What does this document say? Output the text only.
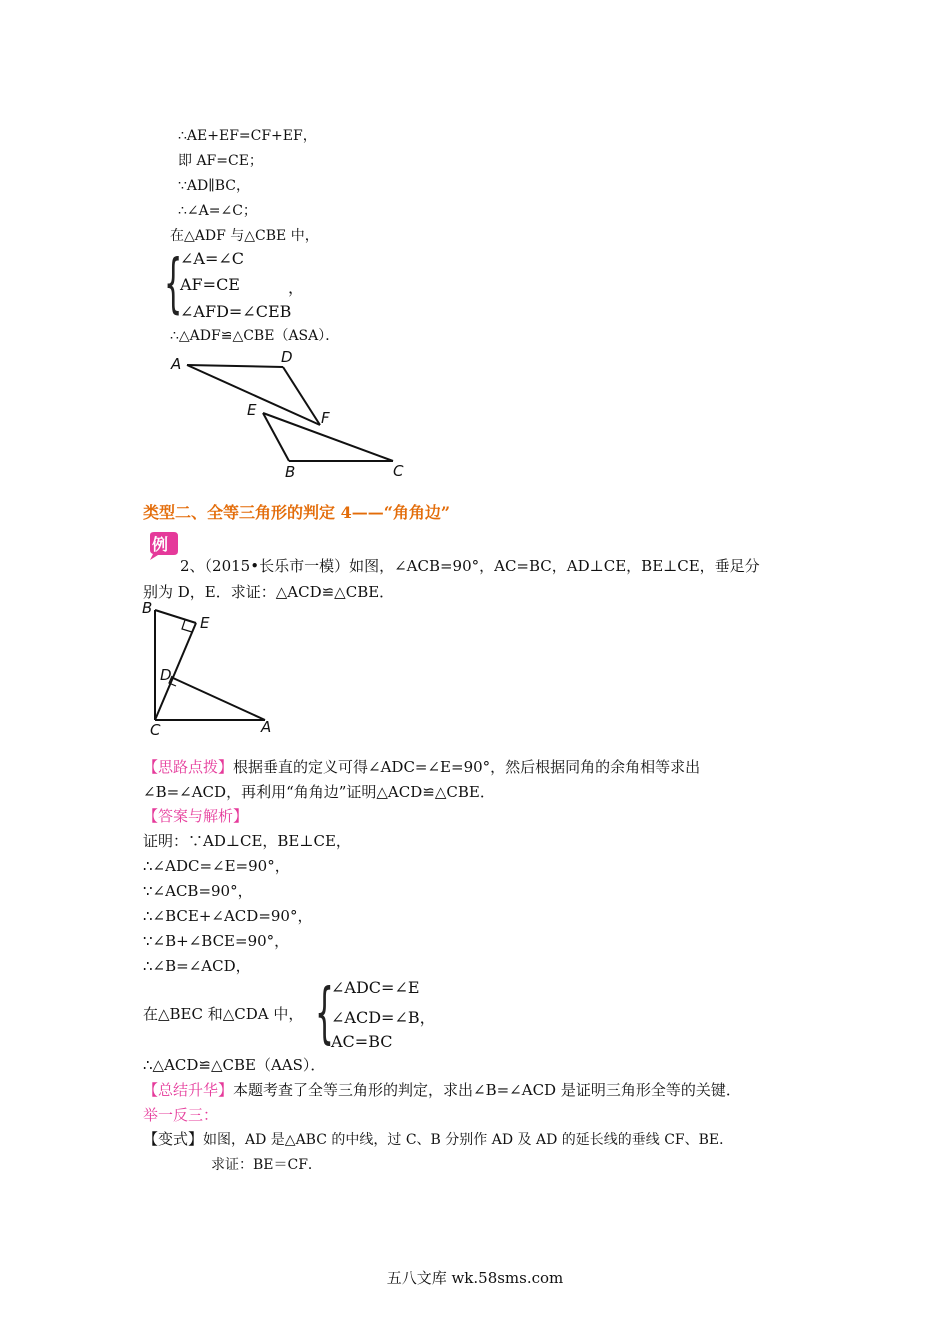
∴AE+EF=CF+EF，
即 AF=CE；
∵AD∥BC，
∴∠A=∠C；
在△ADF 与△CBE 中，
{
∠A=∠C
AF=CE
∠AFD=∠CEB
，
∴△ADF≌△CBE（ASA）．
A	D
E	F
B	C
类型二、全等三角形的判定 4——“角角边”
例
2、（2015•长乐市一模）如图，∠ACB=90°，AC=BC，AD⊥CE，BE⊥CE，垂足分
别为 D，E．求证：△ACD≌△CBE．
B
E
D
C	A
【思路点拨】根据垂直的定义可得∠ADC=∠E=90°，然后根据同角的余角相等求出
∠B=∠ACD，再利用“角角边”证明△ACD≌△CBE．
【答案与解析】
证明：∵AD⊥CE，BE⊥CE，
∴∠ADC=∠E=90°，
∵∠ACB=90°，
∴∠BCE+∠ACD=90°，
∵∠B+∠BCE=90°，
∴∠B=∠ACD，
在△BEC 和△CDA 中， {
∠ADC=∠E
∠ACD=∠B，
AC=BC
∴△ACD≌△CBE（AAS）．
【总结升华】本题考查了全等三角形的判定，求出∠B=∠ACD 是证明三角形全等的关键．
举一反三：
【变式】如图，AD 是△ABC 的中线，过 C、B 分别作 AD 及 AD 的延长线的垂线 CF、BE．
求证：BE＝CF．
五八文库 wk.58sms.com
